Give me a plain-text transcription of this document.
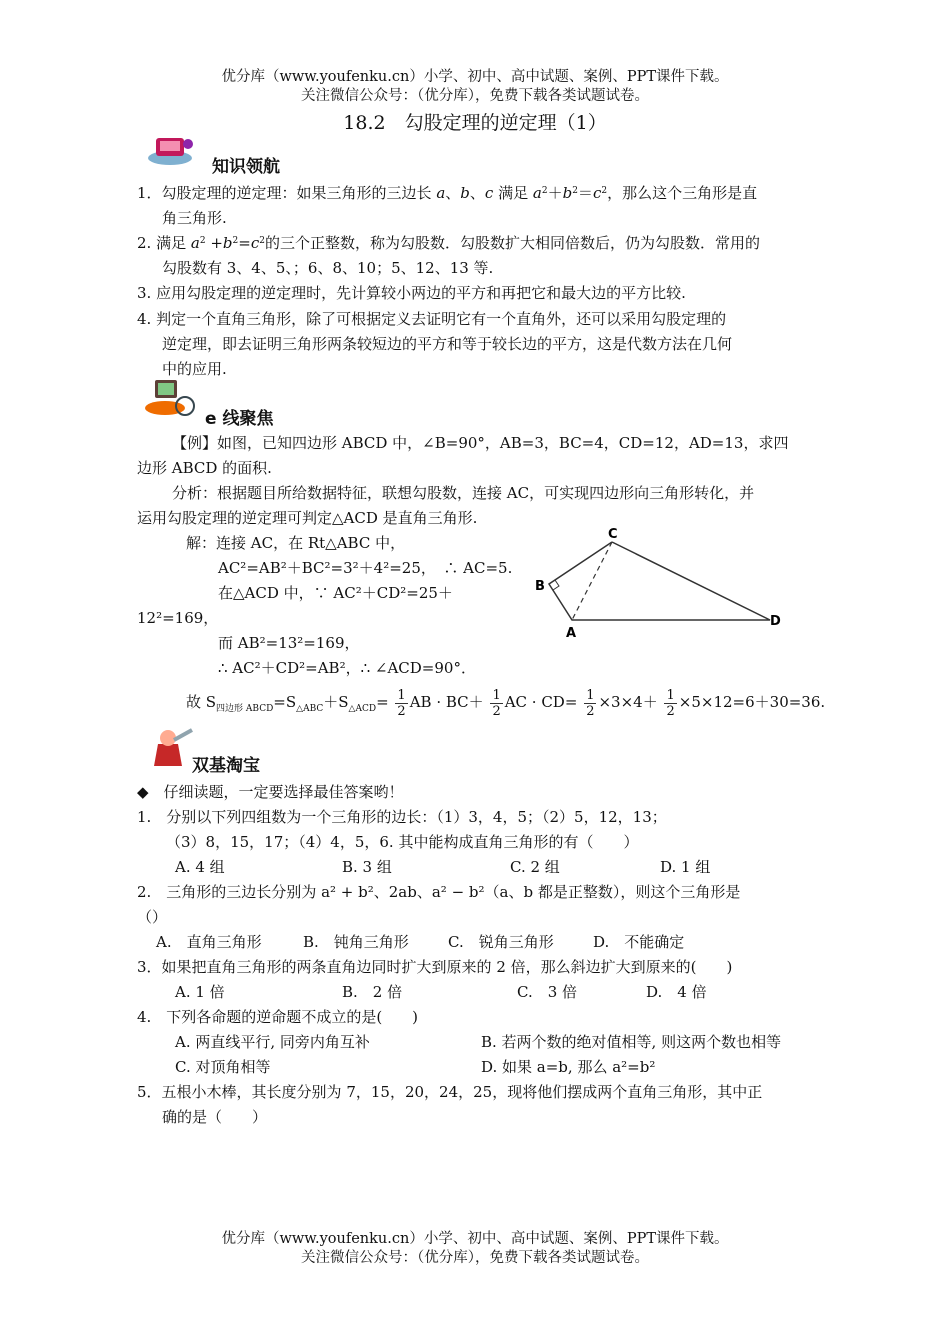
优分库（www.youfenku.cn）小学、初中、高中试题、案例、PPT课件下载。
关注微信公众号：（优分库），免费下载各类试题试卷。
18.2　勾股定理的逆定理（1）
知识领航
1．勾股定理的逆定理：如果三角形的三边长 a、b、c 满足 $a^2+b^2=c^2$，那么这个三角形是直
角三角形.
2. 满足 $a^2 +b^2=c^2$的三个正整数，称为勾股数．勾股数扩大相同倍数后，仍为勾股数．常用的
勾股数有 3、4、5、；6、8、10；5、12、13 等.
3. 应用勾股定理的逆定理时，先计算较小两边的平方和再把它和最大边的平方比较.
4. 判定一个直角三角形，除了可根据定义去证明它有一个直角外，还可以采用勾股定理的
逆定理，即去证明三角形两条较短边的平方和等于较长边的平方，这是代数方法在几何
中的应用.
e 线聚焦
【例】如图，已知四边形 ABCD 中，∠B=90°，AB=3，BC=4，CD=12，AD=13，求四
边形 ABCD 的面积.
分析：根据题目所给数据特征，联想勾股数，连接 AC，可实现四边形向三角形转化，并
运用勾股定理的逆定理可判定△ACD 是直角三角形.
解：连接 AC，在 Rt△ABC 中，
AC²=AB²＋BC²=3²＋4²=25，　∴ AC=5.
在△ACD 中，∵ AC²＋CD²=25＋
12²=169，
而 AB²=13²=169，
∴ AC²＋CD²=AB²，∴ ∠ACD=90°．
故 $S_{四边形 ABCD}=S_{\triangle ABC}+S_{\triangle ACD}= \frac{1}{2}$ AB · $BC+ \frac{1}{2}$ AC · $CD= \frac{1}{2} \times 3\times 4+ \frac{1}{2} \times 5\times 12=6+30=36$.
C
B
A
D
双基淘宝
◆　仔细读题，一定要选择最佳答案哟！
1.　分别以下列四组数为一个三角形的边长：（1）3，4，5；（2）5，12，13；
（3）8，15，17；（4）4，5，6. 其中能构成直角三角形的有（　　）
A. 4 组	B. 3 组	C. 2 组	D. 1 组
2.　三角形的三边长分别为 a² + b²、2ab、a² − b²（a、b 都是正整数），则这个三角形是
（）
A.　直角三角形	B.　钝角三角形	C.　锐角三角形	D.　不能确定
3．如果把直角三角形的两条直角边同时扩大到原来的 2 倍，那么斜边扩大到原来的(　　)
A. 1 倍	B.　2 倍	C.　3 倍	D.　4 倍
4.　下列各命题的逆命题不成立的是(　　)
A. 两直线平行, 同旁内角互补	B. 若两个数的绝对值相等, 则这两个数也相等
C. 对顶角相等	D. 如果 a=b, 那么 a²=b²
5．五根小木棒，其长度分别为 7，15，20，24，25，现将他们摆成两个直角三角形，其中正
确的是（　　）
优分库（www.youfenku.cn）小学、初中、高中试题、案例、PPT课件下载。
关注微信公众号：（优分库），免费下载各类试题试卷。
